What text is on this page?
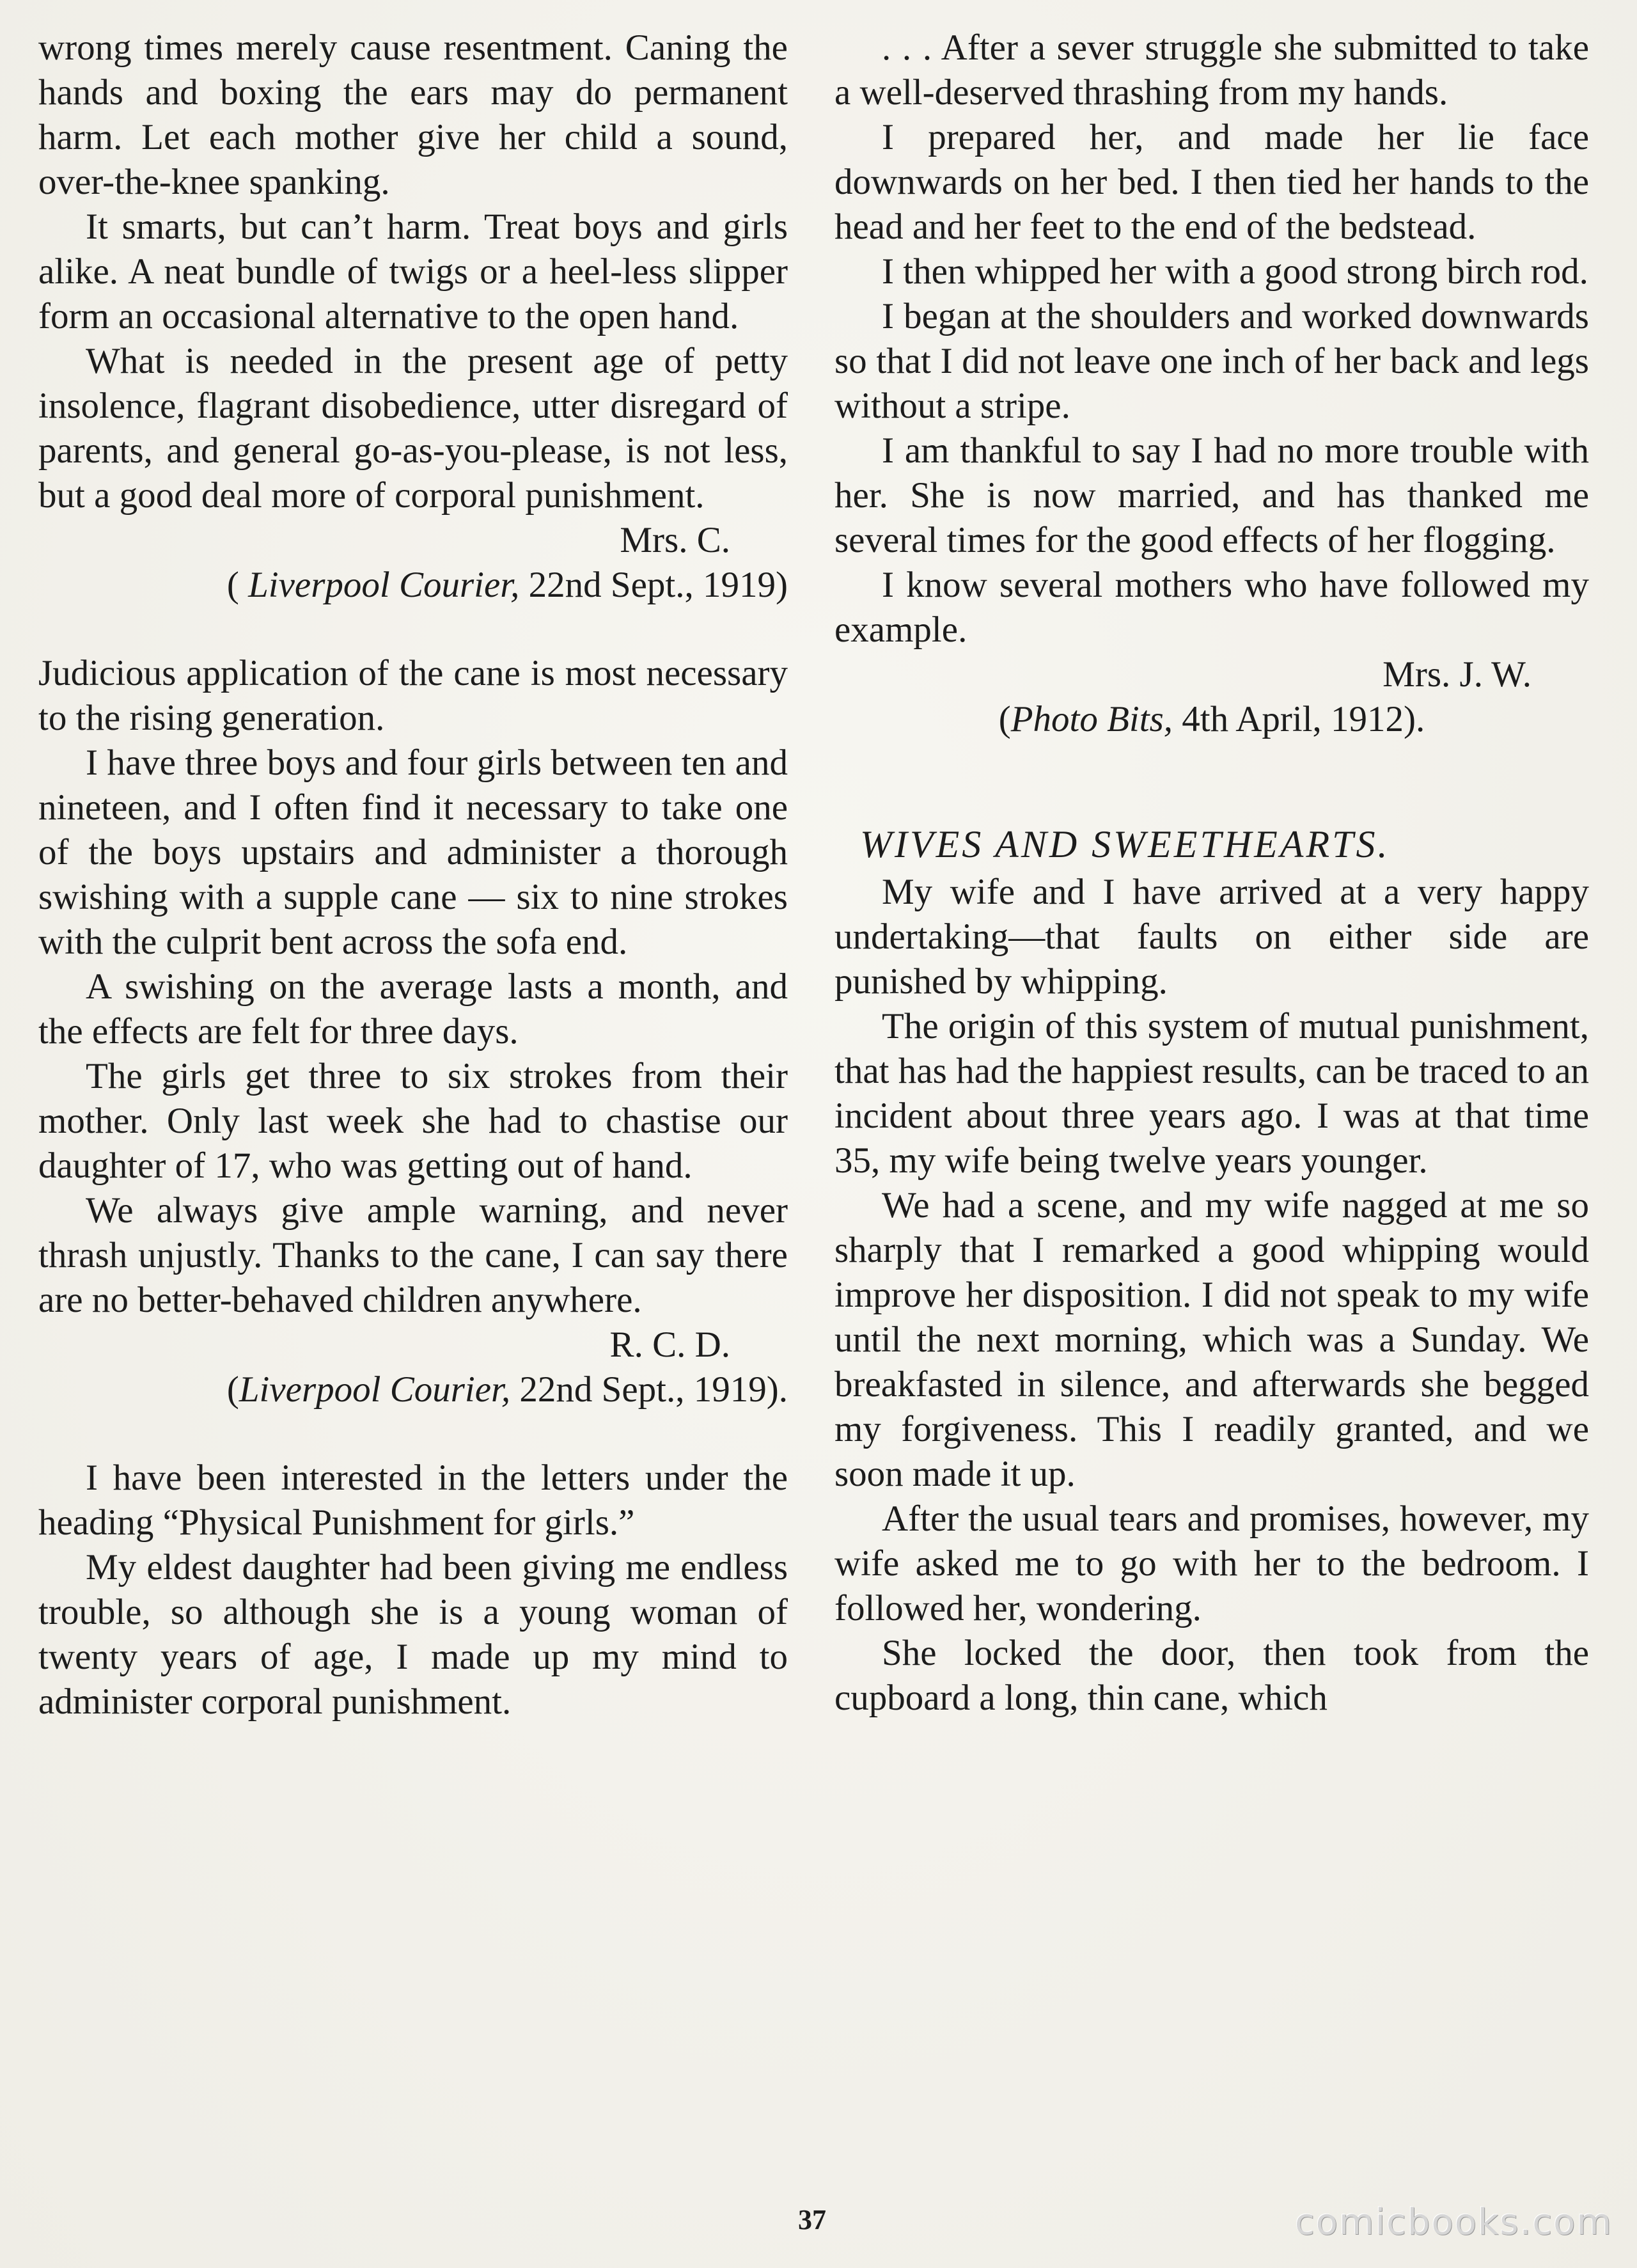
wrong times merely cause resentment. Caning the hands and boxing the ears may do permanent harm. Let each mother give her child a sound, over-the-knee spanking.

It smarts, but can’t harm. Treat boys and girls alike. A neat bundle of twigs or a heel-less slipper form an occasional alternative to the open hand.

What is needed in the present age of petty insolence, flagrant disobedience, utter disregard of parents, and general go-as-you-please, is not less, but a good deal more of corporal punishment.

Mrs. C.

( Liverpool Courier, 22nd Sept., 1919)

Judicious application of the cane is most necessary to the rising generation.

I have three boys and four girls between ten and nineteen, and I often find it necessary to take one of the boys upstairs and administer a thorough swishing with a supple cane — six to nine strokes with the culprit bent across the sofa end.

A swishing on the average lasts a month, and the effects are felt for three days.

The girls get three to six strokes from their mother. Only last week she had to chastise our daughter of 17, who was getting out of hand.

We always give ample warning, and never thrash unjustly. Thanks to the cane, I can say there are no better-behaved children anywhere.

R. C. D.

(Liverpool Courier, 22nd Sept., 1919).

I have been interested in the letters under the heading “Physical Punishment for girls.”

My eldest daughter had been giving me endless trouble, so although she is a young woman of twenty years of age, I made up my mind to administer corporal punishment.

. . . After a sever struggle she submitted to take a well-deserved thrashing from my hands.

I prepared her, and made her lie face downwards on her bed. I then tied her hands to the head and her feet to the end of the bedstead.

I then whipped her with a good strong birch rod.

I began at the shoulders and worked downwards so that I did not leave one inch of her back and legs without a stripe.

I am thankful to say I had no more trouble with her. She is now married, and has thanked me several times for the good effects of her flogging.

I know several mothers who have followed my example.

Mrs. J. W.

(Photo Bits, 4th April, 1912).

WIVES AND SWEETHEARTS.

My wife and I have arrived at a very happy undertaking—that faults on either side are punished by whipping.

The origin of this system of mutual punishment, that has had the happiest results, can be traced to an incident about three years ago. I was at that time 35, my wife being twelve years younger.

We had a scene, and my wife nagged at me so sharply that I remarked a good whipping would improve her disposition. I did not speak to my wife until the next morning, which was a Sunday. We breakfasted in silence, and afterwards she begged my forgiveness. This I readily granted, and we soon made it up.

After the usual tears and promises, however, my wife asked me to go with her to the bedroom. I followed her, wondering.

She locked the door, then took from the cupboard a long, thin cane, which

37	comicbooks.com
